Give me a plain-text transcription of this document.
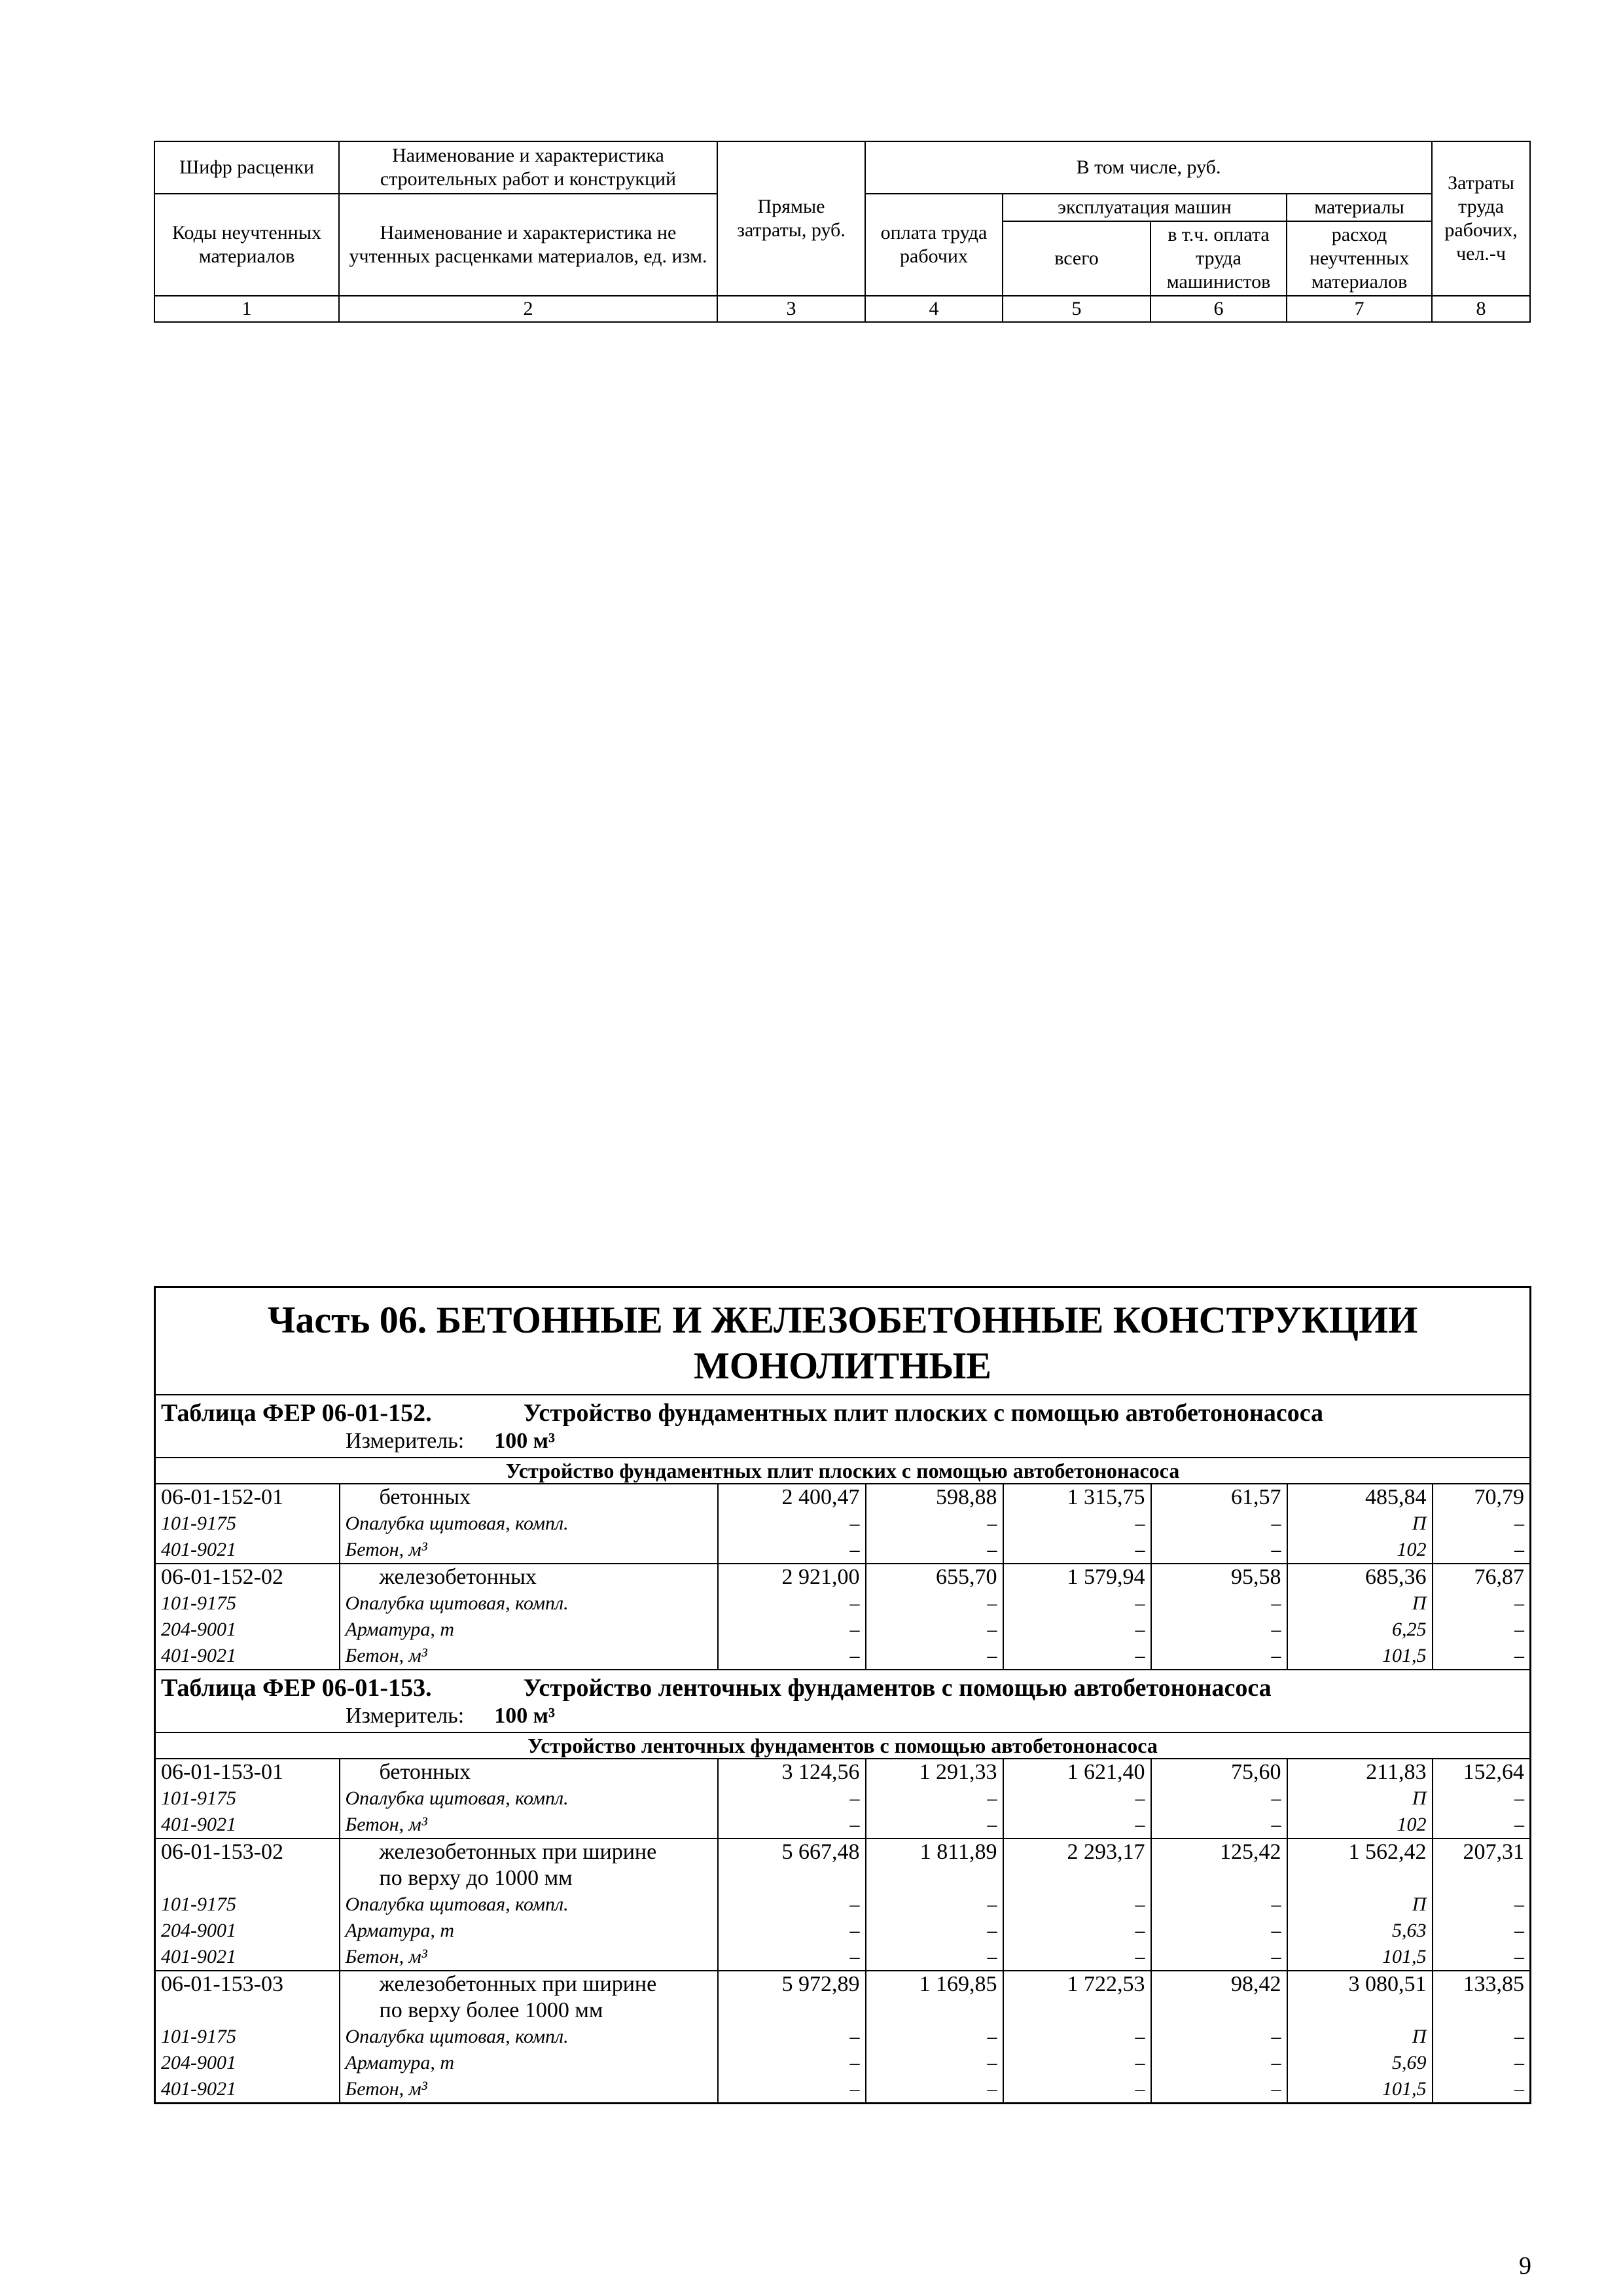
Шифр расценки	Наименование и характеристика строительных работ и конструкций	Прямые затраты, руб.	В том числе, руб.				Затраты труда рабочих, чел.-ч
Коды неучтенных материалов	Наименование и характеристика не учтенных расценками материалов, ед. изм.		оплата труда рабочих	эксплуатация машин		материалы	
				всего	в т.ч. оплата труда машинистов	расход неучтенных материалов	
1	2	3	4	5	6	7	8
Часть 06. БЕТОННЫЕ И ЖЕЛЕЗОБЕТОННЫЕ КОНСТРУКЦИИ
МОНОЛИТНЫЕ							
Таблица ФЕР 06-01-152. Устройство фундаментных плит плоских с помощью автобетононасоса							
Измеритель: 100 м³							
Устройство фундаментных плит плоских с помощью автобетононасоса							
06-01-152-01	бетонных	2 400,47	598,88	1 315,75	61,57	485,84	70,79
101-9175	Опалубка щитовая, компл.	–	–	–	–	П	–
401-9021	Бетон, м³	–	–	–	–	102	–
06-01-152-02	железобетонных	2 921,00	655,70	1 579,94	95,58	685,36	76,87
101-9175	Опалубка щитовая, компл.	–	–	–	–	П	–
204-9001	Арматура, т	–	–	–	–	6,25	–
401-9021	Бетон, м³	–	–	–	–	101,5	–
Таблица ФЕР 06-01-153. Устройство ленточных фундаментов с помощью автобетононасоса							
Измеритель: 100 м³							
Устройство ленточных фундаментов с помощью автобетононасоса							
06-01-153-01	бетонных	3 124,56	1 291,33	1 621,40	75,60	211,83	152,64
101-9175	Опалубка щитовая, компл.	–	–	–	–	П	–
401-9021	Бетон, м³	–	–	–	–	102	–
06-01-153-02	железобетонных при ширине	5 667,48	1 811,89	2 293,17	125,42	1 562,42	207,31
	по верху до 1000 мм						
101-9175	Опалубка щитовая, компл.	–	–	–	–	П	–
204-9001	Арматура, т	–	–	–	–	5,63	–
401-9021	Бетон, м³	–	–	–	–	101,5	–
06-01-153-03	железобетонных при ширине	5 972,89	1 169,85	1 722,53	98,42	3 080,51	133,85
	по верху более 1000 мм						
101-9175	Опалубка щитовая, компл.	–	–	–	–	П	–
204-9001	Арматура, т	–	–	–	–	5,69	–
401-9021	Бетон, м³	–	–	–	–	101,5	–
9
